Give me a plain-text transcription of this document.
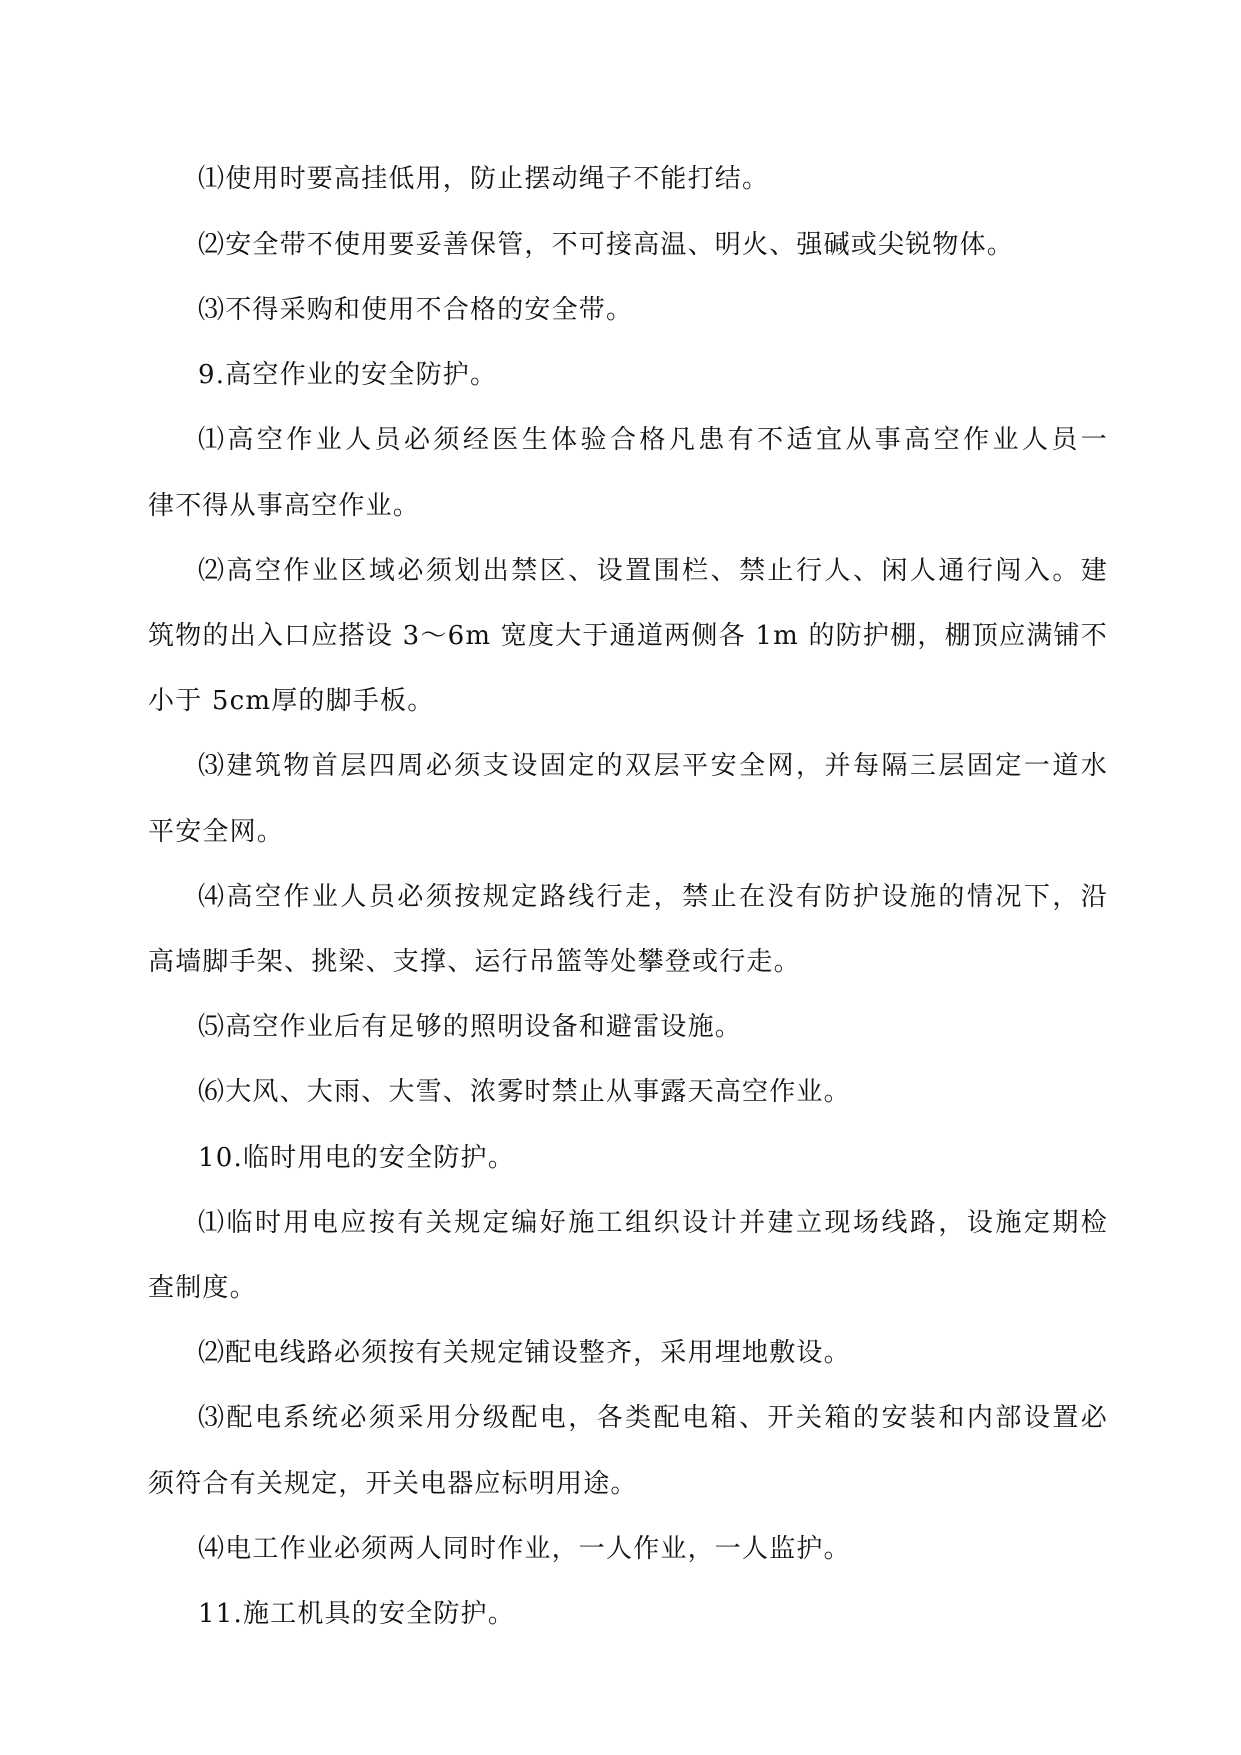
⑴使用时要高挂低用，防止摆动绳子不能打结。
⑵安全带不使用要妥善保管，不可接高温、明火、强碱或尖锐物体。
⑶不得采购和使用不合格的安全带。
9.高空作业的安全防护。
⑴高空作业人员必须经医生体验合格凡患有不适宜从事高空作业人员一
律不得从事高空作业。
⑵高空作业区域必须划出禁区、设置围栏、禁止行人、闲人通行闯入。建
筑物的出入口应搭设 3～6m 宽度大于通道两侧各 1m 的防护棚，棚顶应满铺不
小于 5cm厚的脚手板。
⑶建筑物首层四周必须支设固定的双层平安全网，并每隔三层固定一道水
平安全网。
⑷高空作业人员必须按规定路线行走，禁止在没有防护设施的情况下，沿
高墙脚手架、挑梁、支撑、运行吊篮等处攀登或行走。
⑸高空作业后有足够的照明设备和避雷设施。
⑹大风、大雨、大雪、浓雾时禁止从事露天高空作业。
10.临时用电的安全防护。
⑴临时用电应按有关规定编好施工组织设计并建立现场线路，设施定期检
查制度。
⑵配电线路必须按有关规定铺设整齐，采用埋地敷设。
⑶配电系统必须采用分级配电，各类配电箱、开关箱的安装和内部设置必
须符合有关规定，开关电器应标明用途。
⑷电工作业必须两人同时作业，一人作业，一人监护。
11.施工机具的安全防护。
